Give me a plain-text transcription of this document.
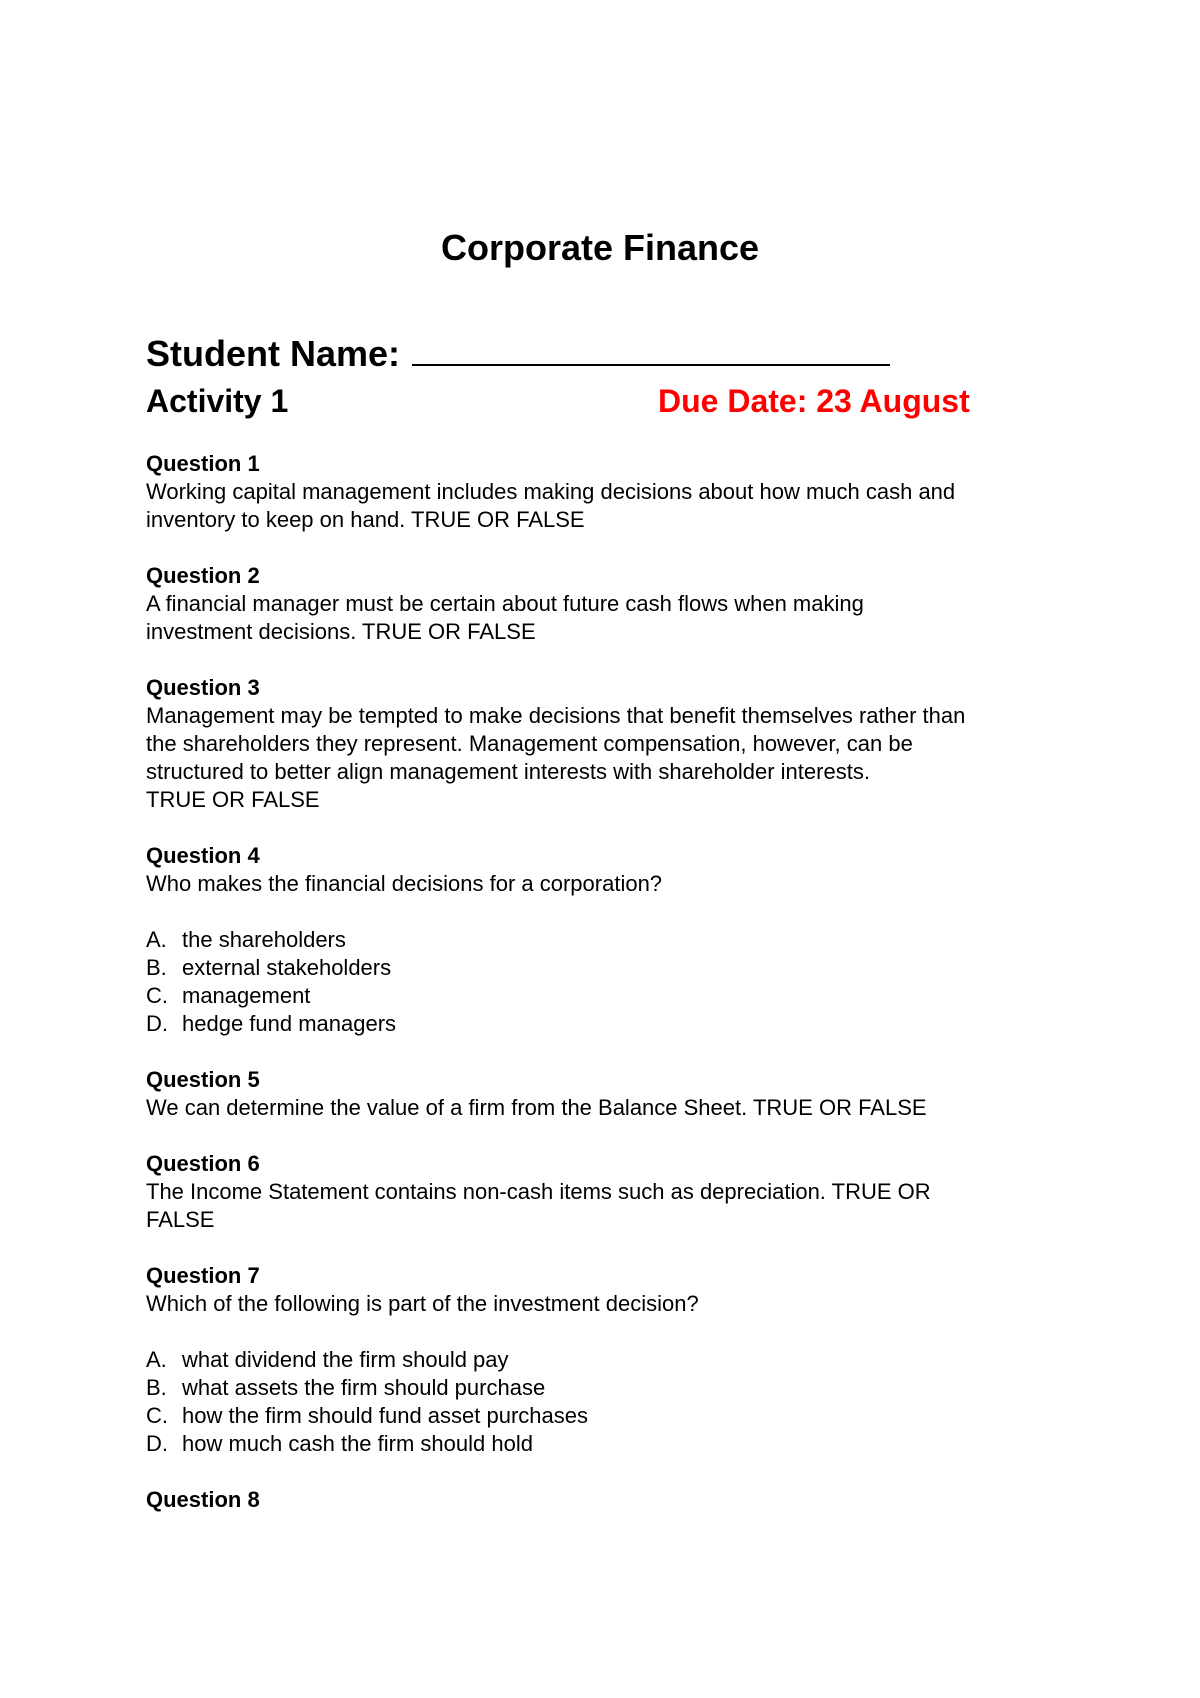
Corporate Finance
Student Name:
Activity 1	Due Date: 23 August
Question 1
Working capital management includes making decisions about how much cash and
inventory to keep on hand. TRUE OR FALSE
Question 2
A financial manager must be certain about future cash flows when making
investment decisions. TRUE OR FALSE
Question 3
Management may be tempted to make decisions that benefit themselves rather than
the shareholders they represent. Management compensation, however, can be
structured to better align management interests with shareholder interests.
TRUE OR FALSE
Question 4
Who makes the financial decisions for a corporation?
A. the shareholders
B. external stakeholders
C. management
D. hedge fund managers
Question 5
We can determine the value of a firm from the Balance Sheet. TRUE OR FALSE
Question 6
The Income Statement contains non-cash items such as depreciation. TRUE OR
FALSE
Question 7
Which of the following is part of the investment decision?
A. what dividend the firm should pay
B. what assets the firm should purchase
C. how the firm should fund asset purchases
D. how much cash the firm should hold
Question 8
